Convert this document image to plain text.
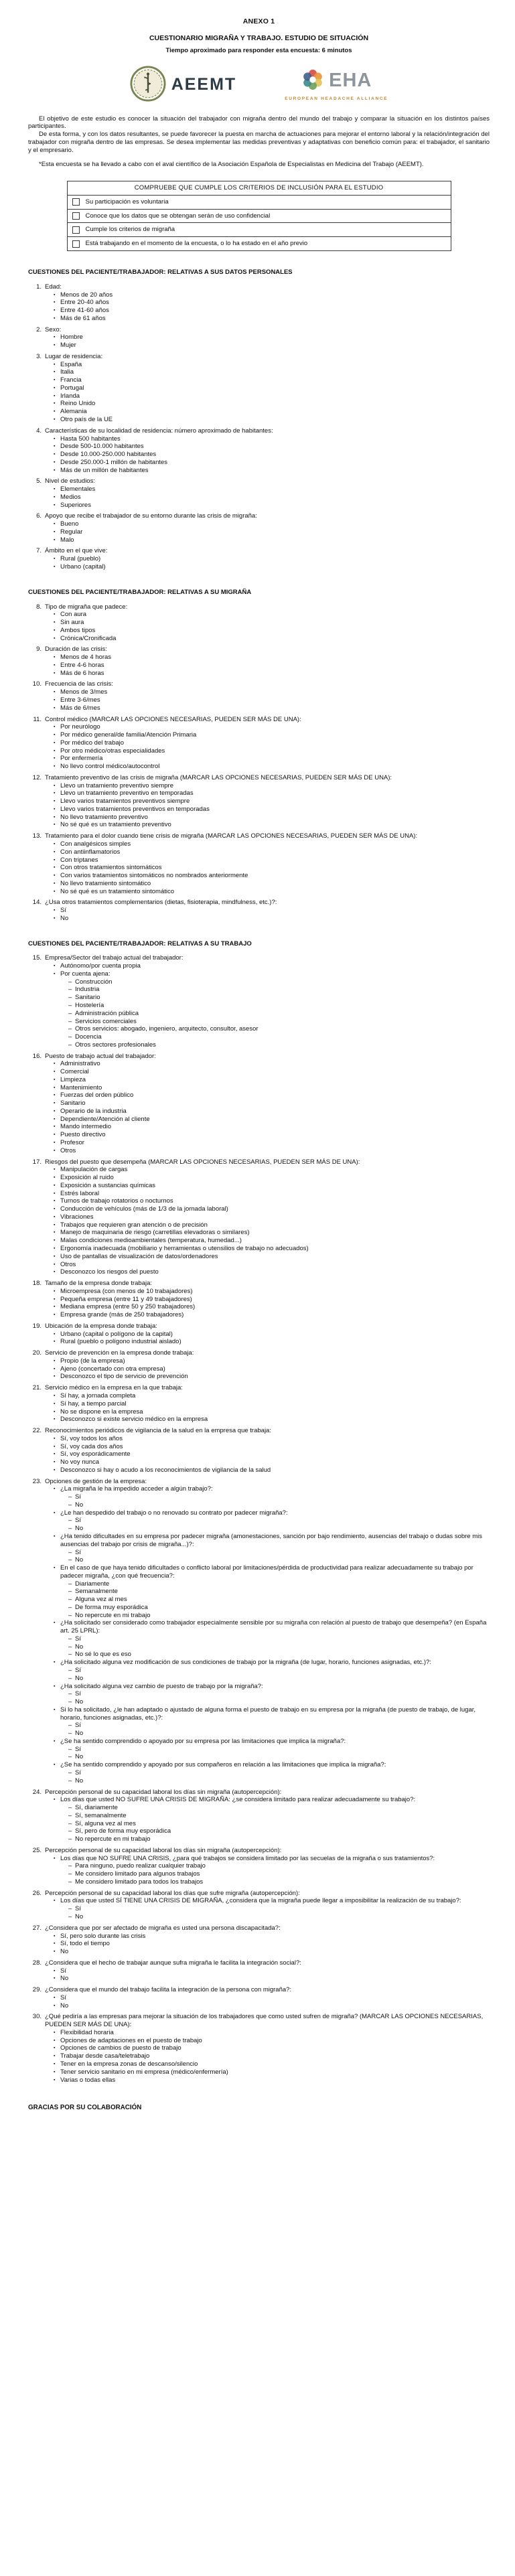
ANEXO 1
CUESTIONARIO MIGRAÑA Y TRABAJO. ESTUDIO DE SITUACIÓN
Tiempo aproximado para responder esta encuesta: 6 minutos
AEEMT	EHA
EUROPEAN HEADACHE ALLIANCE

El objetivo de este estudio es conocer la situación del trabajador con migraña dentro del mundo del trabajo y comparar la situación en los distintos países participantes.

De esta forma, y con los datos resultantes, se puede favorecer la puesta en marcha de actuaciones para mejorar el entorno laboral y la relación/integración del trabajador con migraña dentro de las empresas. Se desea implementar las medidas preventivas y adaptativas con beneficio común para: el trabajador, el sanitario y el empresario.

*Esta encuesta se ha llevado a cabo con el aval científico de la Asociación Española de Especialistas en Medicina del Trabajo (AEEMT).
COMPRUEBE QUE CUMPLE LOS CRITERIOS DE INCLUSIÓN PARA EL ESTUDIO
Su participación es voluntaria
Conoce que los datos que se obtengan serán de uso confidencial
Cumple los criterios de migraña
Está trabajando en el momento de la encuesta, o lo ha estado en el año previo
CUESTIONES DEL PACIENTE/TRABAJADOR: RELATIVAS A SUS DATOS PERSONALES
1. Edad:
▪ Menos de 20 años
▪ Entre 20-40 años
▪ Entre 41-60 años
▪ Más de 61 años
2. Sexo:
▪ Hombre
▪ Mujer
3. Lugar de residencia:
▪ España
▪ Italia
▪ Francia
▪ Portugal
▪ Irlanda
▪ Reino Unido
▪ Alemania
▪ Otro país de la UE
4. Características de su localidad de residencia: número aproximado de habitantes:
▪ Hasta 500 habitantes
▪ Desde 500-10.000 habitantes
▪ Desde 10.000-250.000 habitantes
▪ Desde 250.000-1 millón de habitantes
▪ Más de un millón de habitantes
5. Nivel de estudios:
▪ Elementales
▪ Medios
▪ Superiores
6. Apoyo que recibe el trabajador de su entorno durante las crisis de migraña:
▪ Bueno
▪ Regular
▪ Malo
7. Ámbito en el que vive:
▪ Rural (pueblo)
▪ Urbano (capital)
CUESTIONES DEL PACIENTE/TRABAJADOR: RELATIVAS A SU MIGRAÑA
8. Tipo de migraña que padece:
▪ Con aura
▪ Sin aura
▪ Ambos tipos
▪ Crónica/Cronificada
9. Duración de las crisis:
▪ Menos de 4 horas
▪ Entre 4-6 horas
▪ Más de 6 horas
10. Frecuencia de las crisis:
▪ Menos de 3/mes
▪ Entre 3-6/mes
▪ Más de 6/mes
11. Control médico (MARCAR LAS OPCIONES NECESARIAS, PUEDEN SER MÁS DE UNA):
▪ Por neurólogo
▪ Por médico general/de familia/Atención Primaria
▪ Por médico del trabajo
▪ Por otro médico/otras especialidades
▪ Por enfermería
▪ No llevo control médico/autocontrol
12. Tratamiento preventivo de las crisis de migraña (MARCAR LAS OPCIONES NECESARIAS, PUEDEN SER MÁS DE UNA):
▪ Llevo un tratamiento preventivo siempre
▪ Llevo un tratamiento preventivo en temporadas
▪ Llevo varios tratamientos preventivos siempre
▪ Llevo varios tratamientos preventivos en temporadas
▪ No llevo tratamiento preventivo
▪ No sé qué es un tratamiento preventivo
13. Tratamiento para el dolor cuando tiene crisis de migraña (MARCAR LAS OPCIONES NECESARIAS, PUEDEN SER MÁS DE UNA):
▪ Con analgésicos simples
▪ Con antiinflamatorios
▪ Con triptanes
▪ Con otros tratamientos sintomáticos
▪ Con varios tratamientos sintomáticos no nombrados anteriormente
▪ No llevo tratamiento sintomático
▪ No sé qué es un tratamiento sintomático
14. ¿Usa otros tratamientos complementarios (dietas, fisioterapia, mindfulness, etc.)?:
▪ Sí
▪ No
CUESTIONES DEL PACIENTE/TRABAJADOR: RELATIVAS A SU TRABAJO
15. Empresa/Sector del trabajo actual del trabajador:
▪ Autónomo/por cuenta propia
▪ Por cuenta ajena:
– Construcción
– Industria
– Sanitario
– Hostelería
– Administración pública
– Servicios comerciales
– Otros servicios: abogado, ingeniero, arquitecto, consultor, asesor
– Docencia
– Otros sectores profesionales
16. Puesto de trabajo actual del trabajador:
▪ Administrativo
▪ Comercial
▪ Limpieza
▪ Mantenimiento
▪ Fuerzas del orden público
▪ Sanitario
▪ Operario de la industria
▪ Dependiente/Atención al cliente
▪ Mando intermedio
▪ Puesto directivo
▪ Profesor
▪ Otros
17. Riesgos del puesto que desempeña (MARCAR LAS OPCIONES NECESARIAS, PUEDEN SER MÁS DE UNA):
▪ Manipulación de cargas
▪ Exposición al ruido
▪ Exposición a sustancias químicas
▪ Estrés laboral
▪ Turnos de trabajo rotatorios o nocturnos
▪ Conducción de vehículos (más de 1/3 de la jornada laboral)
▪ Vibraciones
▪ Trabajos que requieren gran atención o de precisión
▪ Manejo de maquinaria de riesgo (carretillas elevadoras o similares)
▪ Malas condiciones medioambientales (temperatura, humedad...)
▪ Ergonomía inadecuada (mobiliario y herramientas o utensilios de trabajo no adecuados)
▪ Uso de pantallas de visualización de datos/ordenadores
▪ Otros
▪ Desconozco los riesgos del puesto
18. Tamaño de la empresa donde trabaja:
▪ Microempresa (con menos de 10 trabajadores)
▪ Pequeña empresa (entre 11 y 49 trabajadores)
▪ Mediana empresa (entre 50 y 250 trabajadores)
▪ Empresa grande (más de 250 trabajadores)
19. Ubicación de la empresa donde trabaja:
▪ Urbano (capital o polígono de la capital)
▪ Rural (pueblo o polígono industrial aislado)
20. Servicio de prevención en la empresa donde trabaja:
▪ Propio (de la empresa)
▪ Ajeno (concertado con otra empresa)
▪ Desconozco el tipo de servicio de prevención
21. Servicio médico en la empresa en la que trabaja:
▪ Sí hay, a jornada completa
▪ Sí hay, a tiempo parcial
▪ No se dispone en la empresa
▪ Desconozco si existe servicio médico en la empresa
22. Reconocimientos periódicos de vigilancia de la salud en la empresa que trabaja:
▪ Sí, voy todos los años
▪ Sí, voy cada dos años
▪ Sí, voy esporádicamente
▪ No voy nunca
▪ Desconozco si hay o acudo a los reconocimientos de vigilancia de la salud
23. Opciones de gestión de la empresa:
▪ ¿La migraña le ha impedido acceder a algún trabajo?:
– Sí
– No
▪ ¿Le han despedido del trabajo o no renovado su contrato por padecer migraña?:
– Sí
– No
▪ ¿Ha tenido dificultades en su empresa por padecer migraña (amonestaciones, sanción por bajo rendimiento, ausencias del trabajo o dudas sobre mis ausencias del trabajo por crisis de migraña...)?:
– Sí
– No
▪ En el caso de que haya tenido dificultades o conflicto laboral por limitaciones/pérdida de productividad para realizar adecuadamente su trabajo por padecer migraña, ¿con qué frecuencia?:
– Diariamente
– Semanalmente
– Alguna vez al mes
– De forma muy esporádica
– No repercute en mi trabajo
▪ ¿Ha solicitado ser considerado como trabajador especialmente sensible por su migraña con relación al puesto de trabajo que desempeña? (en España art. 25 LPRL):
– Sí
– No
– No sé lo que es eso
▪ ¿Ha solicitado alguna vez modificación de sus condiciones de trabajo por la migraña (de lugar, horario, funciones asignadas, etc.)?:
– Sí
– No
▪ ¿Ha solicitado alguna vez cambio de puesto de trabajo por la migraña?:
– Sí
– No
▪ Si lo ha solicitado, ¿le han adaptado o ajustado de alguna forma el puesto de trabajo en su empresa por la migraña (de puesto de trabajo, de lugar, horario, funciones asignadas, etc.)?:
– Sí
– No
▪ ¿Se ha sentido comprendido o apoyado por su empresa por las limitaciones que implica la migraña?:
– Sí
– No
▪ ¿Se ha sentido comprendido y apoyado por sus compañeros en relación a las limitaciones que implica la migraña?:
– Sí
– No
24. Percepción personal de su capacidad laboral los días sin migraña (autopercepción):
▪ Los días que usted NO SUFRE UNA CRISIS DE MIGRAÑA: ¿se considera limitado para realizar adecuadamente su trabajo?:
– Sí, diariamente
– Sí, semanalmente
– Sí, alguna vez al mes
– Sí, pero de forma muy esporádica
– No repercute en mi trabajo
25. Percepción personal de su capacidad laboral los días sin migraña (autopercepción):
▪ Los días que NO SUFRE UNA CRISIS, ¿para qué trabajos se considera limitado por las secuelas de la migraña o sus tratamientos?:
– Para ninguno, puedo realizar cualquier trabajo
– Me considero limitado para algunos trabajos
– Me considero limitado para todos los trabajos
26. Percepción personal de su capacidad laboral los días que sufre migraña (autopercepción):
▪ Los días que usted SÍ TIENE UNA CRISIS DE MIGRAÑA, ¿considera que la migraña puede llegar a imposibilitar la realización de su trabajo?:
– Sí
– No
27. ¿Considera que por ser afectado de migraña es usted una persona discapacitada?:
▪ Sí, pero solo durante las crisis
▪ Sí, todo el tiempo
▪ No
28. ¿Considera que el hecho de trabajar aunque sufra migraña le facilita la integración social?:
▪ Sí
▪ No
29. ¿Considera que el mundo del trabajo facilita la integración de la persona con migraña?:
▪ Sí
▪ No
30. ¿Qué pediría a las empresas para mejorar la situación de los trabajadores que como usted sufren de migraña? (MARCAR LAS OPCIONES NECESARIAS, PUEDEN SER MÁS DE UNA):
▪ Flexibilidad horaria
▪ Opciones de adaptaciones en el puesto de trabajo
▪ Opciones de cambios de puesto de trabajo
▪ Trabajar desde casa/teletrabajo
▪ Tener en la empresa zonas de descanso/silencio
▪ Tener servicio sanitario en mi empresa (médico/enfermería)
▪ Varias o todas ellas
GRACIAS POR SU COLABORACIÓN
